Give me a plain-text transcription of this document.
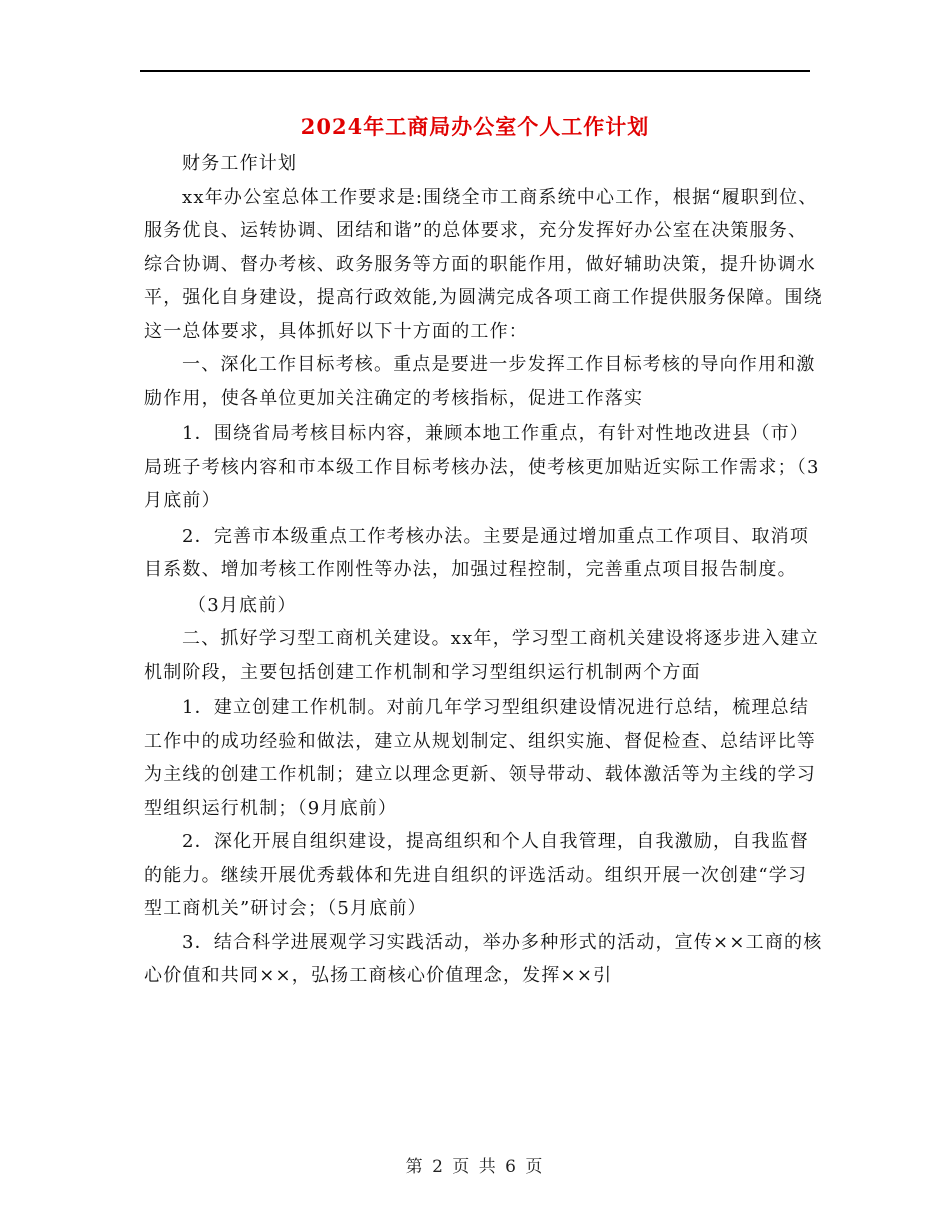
2024年工商局办公室个人工作计划

财务工作计划

xx年办公室总体工作要求是:围绕全市工商系统中心工作，根据“履职到位、服务优良、运转协调、团结和谐”的总体要求，充分发挥好办公室在决策服务、综合协调、督办考核、政务服务等方面的职能作用，做好辅助决策，提升协调水平，强化自身建设，提高行政效能,为圆满完成各项工商工作提供服务保障。围绕这一总体要求，具体抓好以下十方面的工作：

一、深化工作目标考核。重点是要进一步发挥工作目标考核的导向作用和激励作用，使各单位更加关注确定的考核指标，促进工作落实

1．围绕省局考核目标内容，兼顾本地工作重点，有针对性地改进县（市）局班子考核内容和市本级工作目标考核办法，使考核更加贴近实际工作需求；（3月底前）

2．完善市本级重点工作考核办法。主要是通过增加重点工作项目、取消项目系数、增加考核工作刚性等办法，加强过程控制，完善重点项目报告制度。

（3月底前）

二、抓好学习型工商机关建设。xx年，学习型工商机关建设将逐步进入建立机制阶段，主要包括创建工作机制和学习型组织运行机制两个方面

1．建立创建工作机制。对前几年学习型组织建设情况进行总结，梳理总结工作中的成功经验和做法，建立从规划制定、组织实施、督促检查、总结评比等为主线的创建工作机制；建立以理念更新、领导带动、载体激活等为主线的学习型组织运行机制；（9月底前）

2．深化开展自组织建设，提高组织和个人自我管理，自我激励，自我监督的能力。继续开展优秀载体和先进自组织的评选活动。组织开展一次创建“学习型工商机关”研讨会；（5月底前）

3．结合科学进展观学习实践活动，举办多种形式的活动，宣传××工商的核心价值和共同××，弘扬工商核心价值理念，发挥××引

第 2 页 共 6 页
